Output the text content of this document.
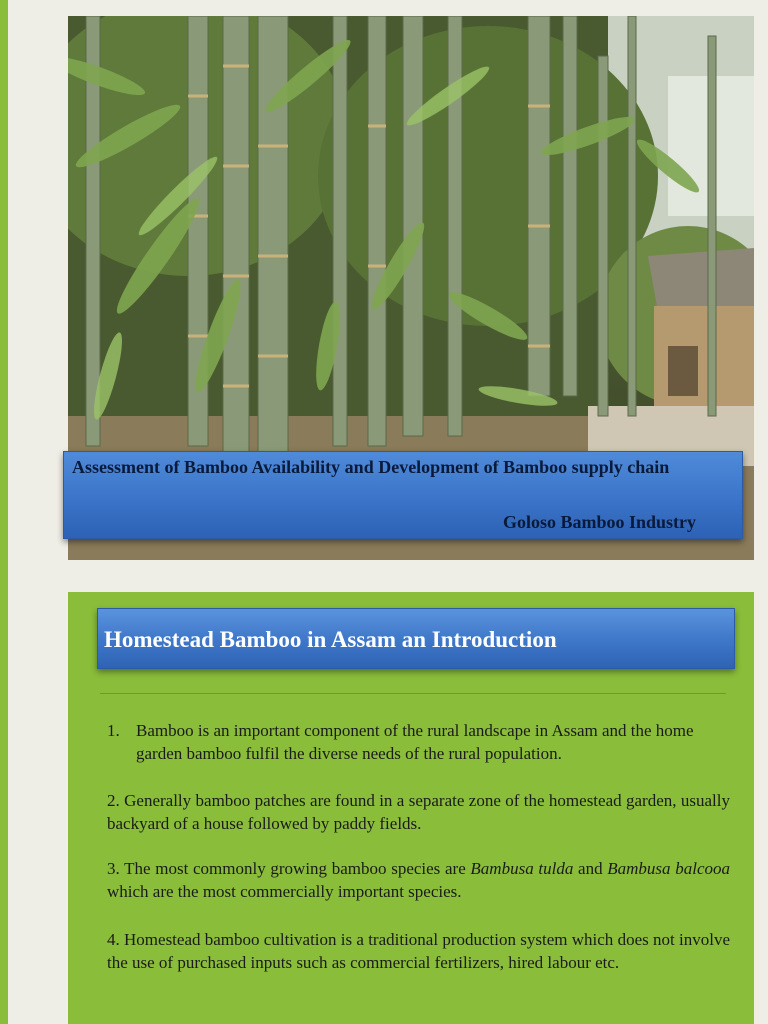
Assessment of Bamboo Availability and Development of Bamboo supply chain
Goloso Bamboo Industry
Homestead Bamboo in Assam an Introduction
1. Bamboo is an important component of the rural landscape in Assam and the home garden bamboo fulfil the diverse needs of the rural population.
2. Generally bamboo patches are found in a separate zone of the homestead garden, usually backyard of a house followed by paddy fields.
3. The most commonly growing bamboo species are Bambusa tulda and Bambusa balcooa which are the most commercially important species.
4. Homestead bamboo cultivation is a traditional production system which does not involve the use of purchased inputs such as commercial fertilizers, hired labour etc.
